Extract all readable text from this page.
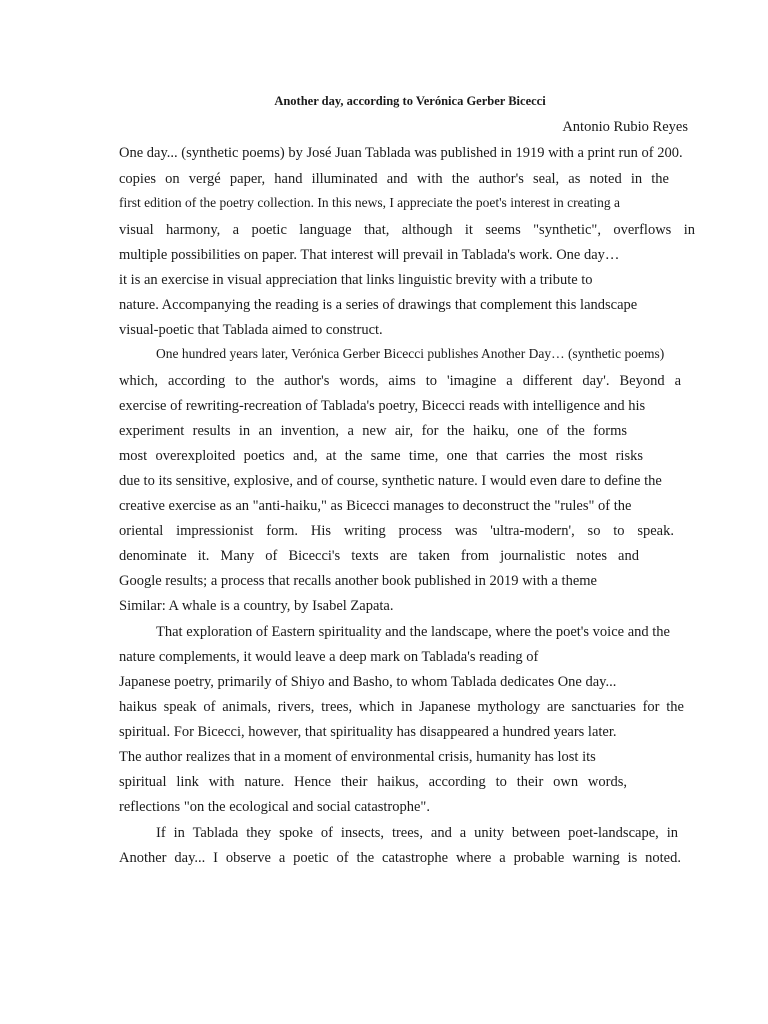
Another day, according to Verónica Gerber Bicecci
Antonio Rubio Reyes
One day... (synthetic poems) by José Juan Tablada was published in 1919 with a print run of 200.
copies on vergé paper, hand illuminated and with the author's seal, as noted in the
first edition of the poetry collection. In this news, I appreciate the poet's interest in creating a
visual harmony, a poetic language that, although it seems "synthetic", overflows in
multiple possibilities on paper. That interest will prevail in Tablada's work. One day…
it is an exercise in visual appreciation that links linguistic brevity with a tribute to
nature. Accompanying the reading is a series of drawings that complement this landscape
visual-poetic that Tablada aimed to construct.
One hundred years later, Verónica Gerber Bicecci publishes Another Day… (synthetic poems)
which, according to the author's words, aims to 'imagine a different day'. Beyond a
exercise of rewriting-recreation of Tablada's poetry, Bicecci reads with intelligence and his
experiment results in an invention, a new air, for the haiku, one of the forms
most overexploited poetics and, at the same time, one that carries the most risks
due to its sensitive, explosive, and of course, synthetic nature. I would even dare to define the
creative exercise as an "anti-haiku," as Bicecci manages to deconstruct the "rules" of the
oriental impressionist form. His writing process was 'ultra-modern', so to speak.
denominate it. Many of Bicecci's texts are taken from journalistic notes and
Google results; a process that recalls another book published in 2019 with a theme
Similar: A whale is a country, by Isabel Zapata.
That exploration of Eastern spirituality and the landscape, where the poet's voice and the
nature complements, it would leave a deep mark on Tablada's reading of
Japanese poetry, primarily of Shiyo and Basho, to whom Tablada dedicates One day...
haikus speak of animals, rivers, trees, which in Japanese mythology are sanctuaries for the
spiritual. For Bicecci, however, that spirituality has disappeared a hundred years later.
The author realizes that in a moment of environmental crisis, humanity has lost its
spiritual link with nature. Hence their haikus, according to their own words,
reflections "on the ecological and social catastrophe".
If in Tablada they spoke of insects, trees, and a unity between poet-landscape, in
Another day... I observe a poetic of the catastrophe where a probable warning is noted.
